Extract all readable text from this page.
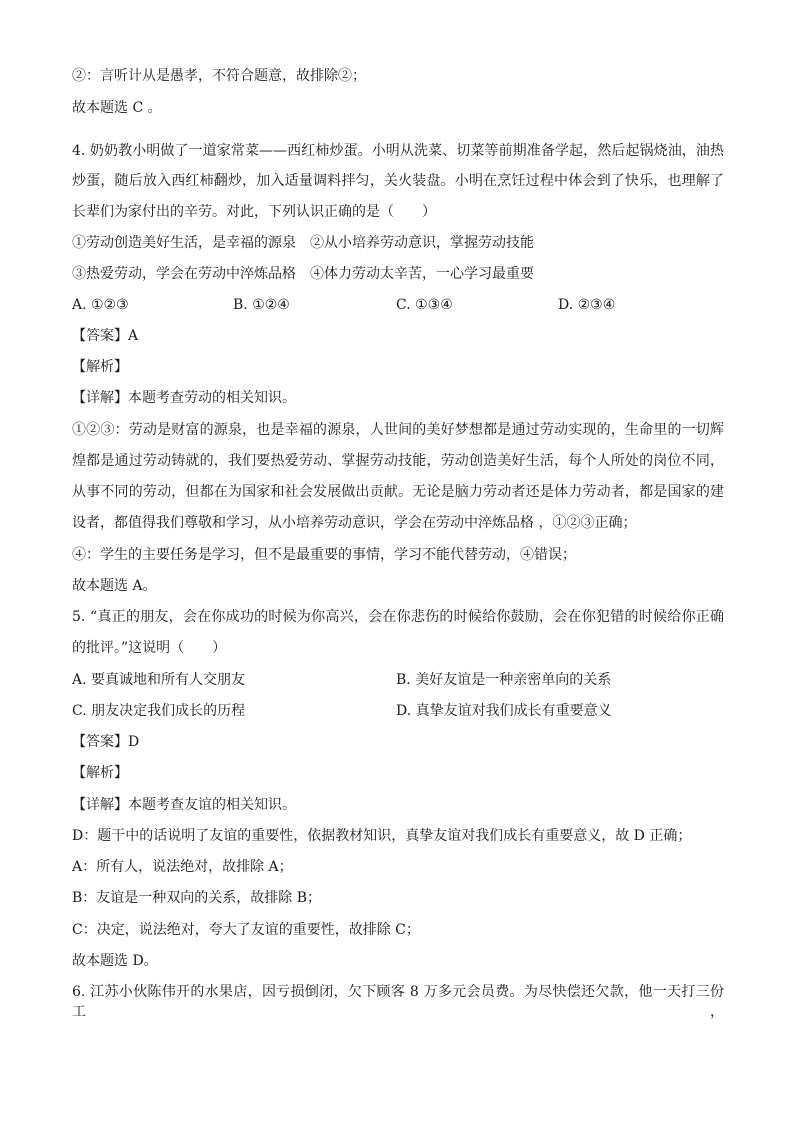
②：言听计从是愚孝，不符合题意，故排除②；
故本题选 C 。
4. 奶奶教小明做了一道家常菜——西红柿炒蛋。小明从洗菜、切菜等前期准备学起，然后起锅烧油，油热
炒蛋，随后放入西红柿翻炒，加入适量调料拌匀，关火装盘。小明在烹饪过程中体会到了快乐，也理解了
长辈们为家付出的辛劳。对此，下列认识正确的是（　　）
①劳动创造美好生活，是幸福的源泉　②从小培养劳动意识，掌握劳动技能
③热爱劳动，学会在劳动中淬炼品格　④体力劳动太辛苦，一心学习最重要
A. ①②③	B. ①②④	C. ①③④	D. ②③④
【答案】A
【解析】
【详解】本题考查劳动的相关知识。
①②③：劳动是财富的源泉，也是幸福的源泉，人世间的美好梦想都是通过劳动实现的，生命里的一切辉
煌都是通过劳动铸就的，我们要热爱劳动、掌握劳动技能，劳动创造美好生活，每个人所处的岗位不同，
从事不同的劳动，但都在为国家和社会发展做出贡献。无论是脑力劳动者还是体力劳动者，都是国家的建
设者，都值得我们尊敬和学习，从小培养劳动意识，学会在劳动中淬炼品格 ，①②③正确；
④：学生的主要任务是学习，但不是最重要的事情，学习不能代替劳动，④错误；
故本题选 A。
5. “真正的朋友，会在你成功的时候为你高兴，会在你悲伤的时候给你鼓励，会在你犯错的时候给你正确
的批评。”这说明（　　）
A. 要真诚地和所有人交朋友	B. 美好友谊是一种亲密单向的关系
C. 朋友决定我们成长的历程	D. 真挚友谊对我们成长有重要意义
【答案】D
【解析】
【详解】本题考查友谊的相关知识。
D：题干中的话说明了友谊的重要性，依据教材知识，真挚友谊对我们成长有重要意义，故 D 正确；
A：所有人，说法绝对，故排除 A；
B：友谊是一种双向的关系，故排除 B；
C：决定，说法绝对，夸大了友谊的重要性，故排除 C；
故本题选 D。
6. 江苏小伙陈伟开的水果店，因亏损倒闭，欠下顾客 8 万多元会员费。为尽快偿还欠款，他一天打三份工，
